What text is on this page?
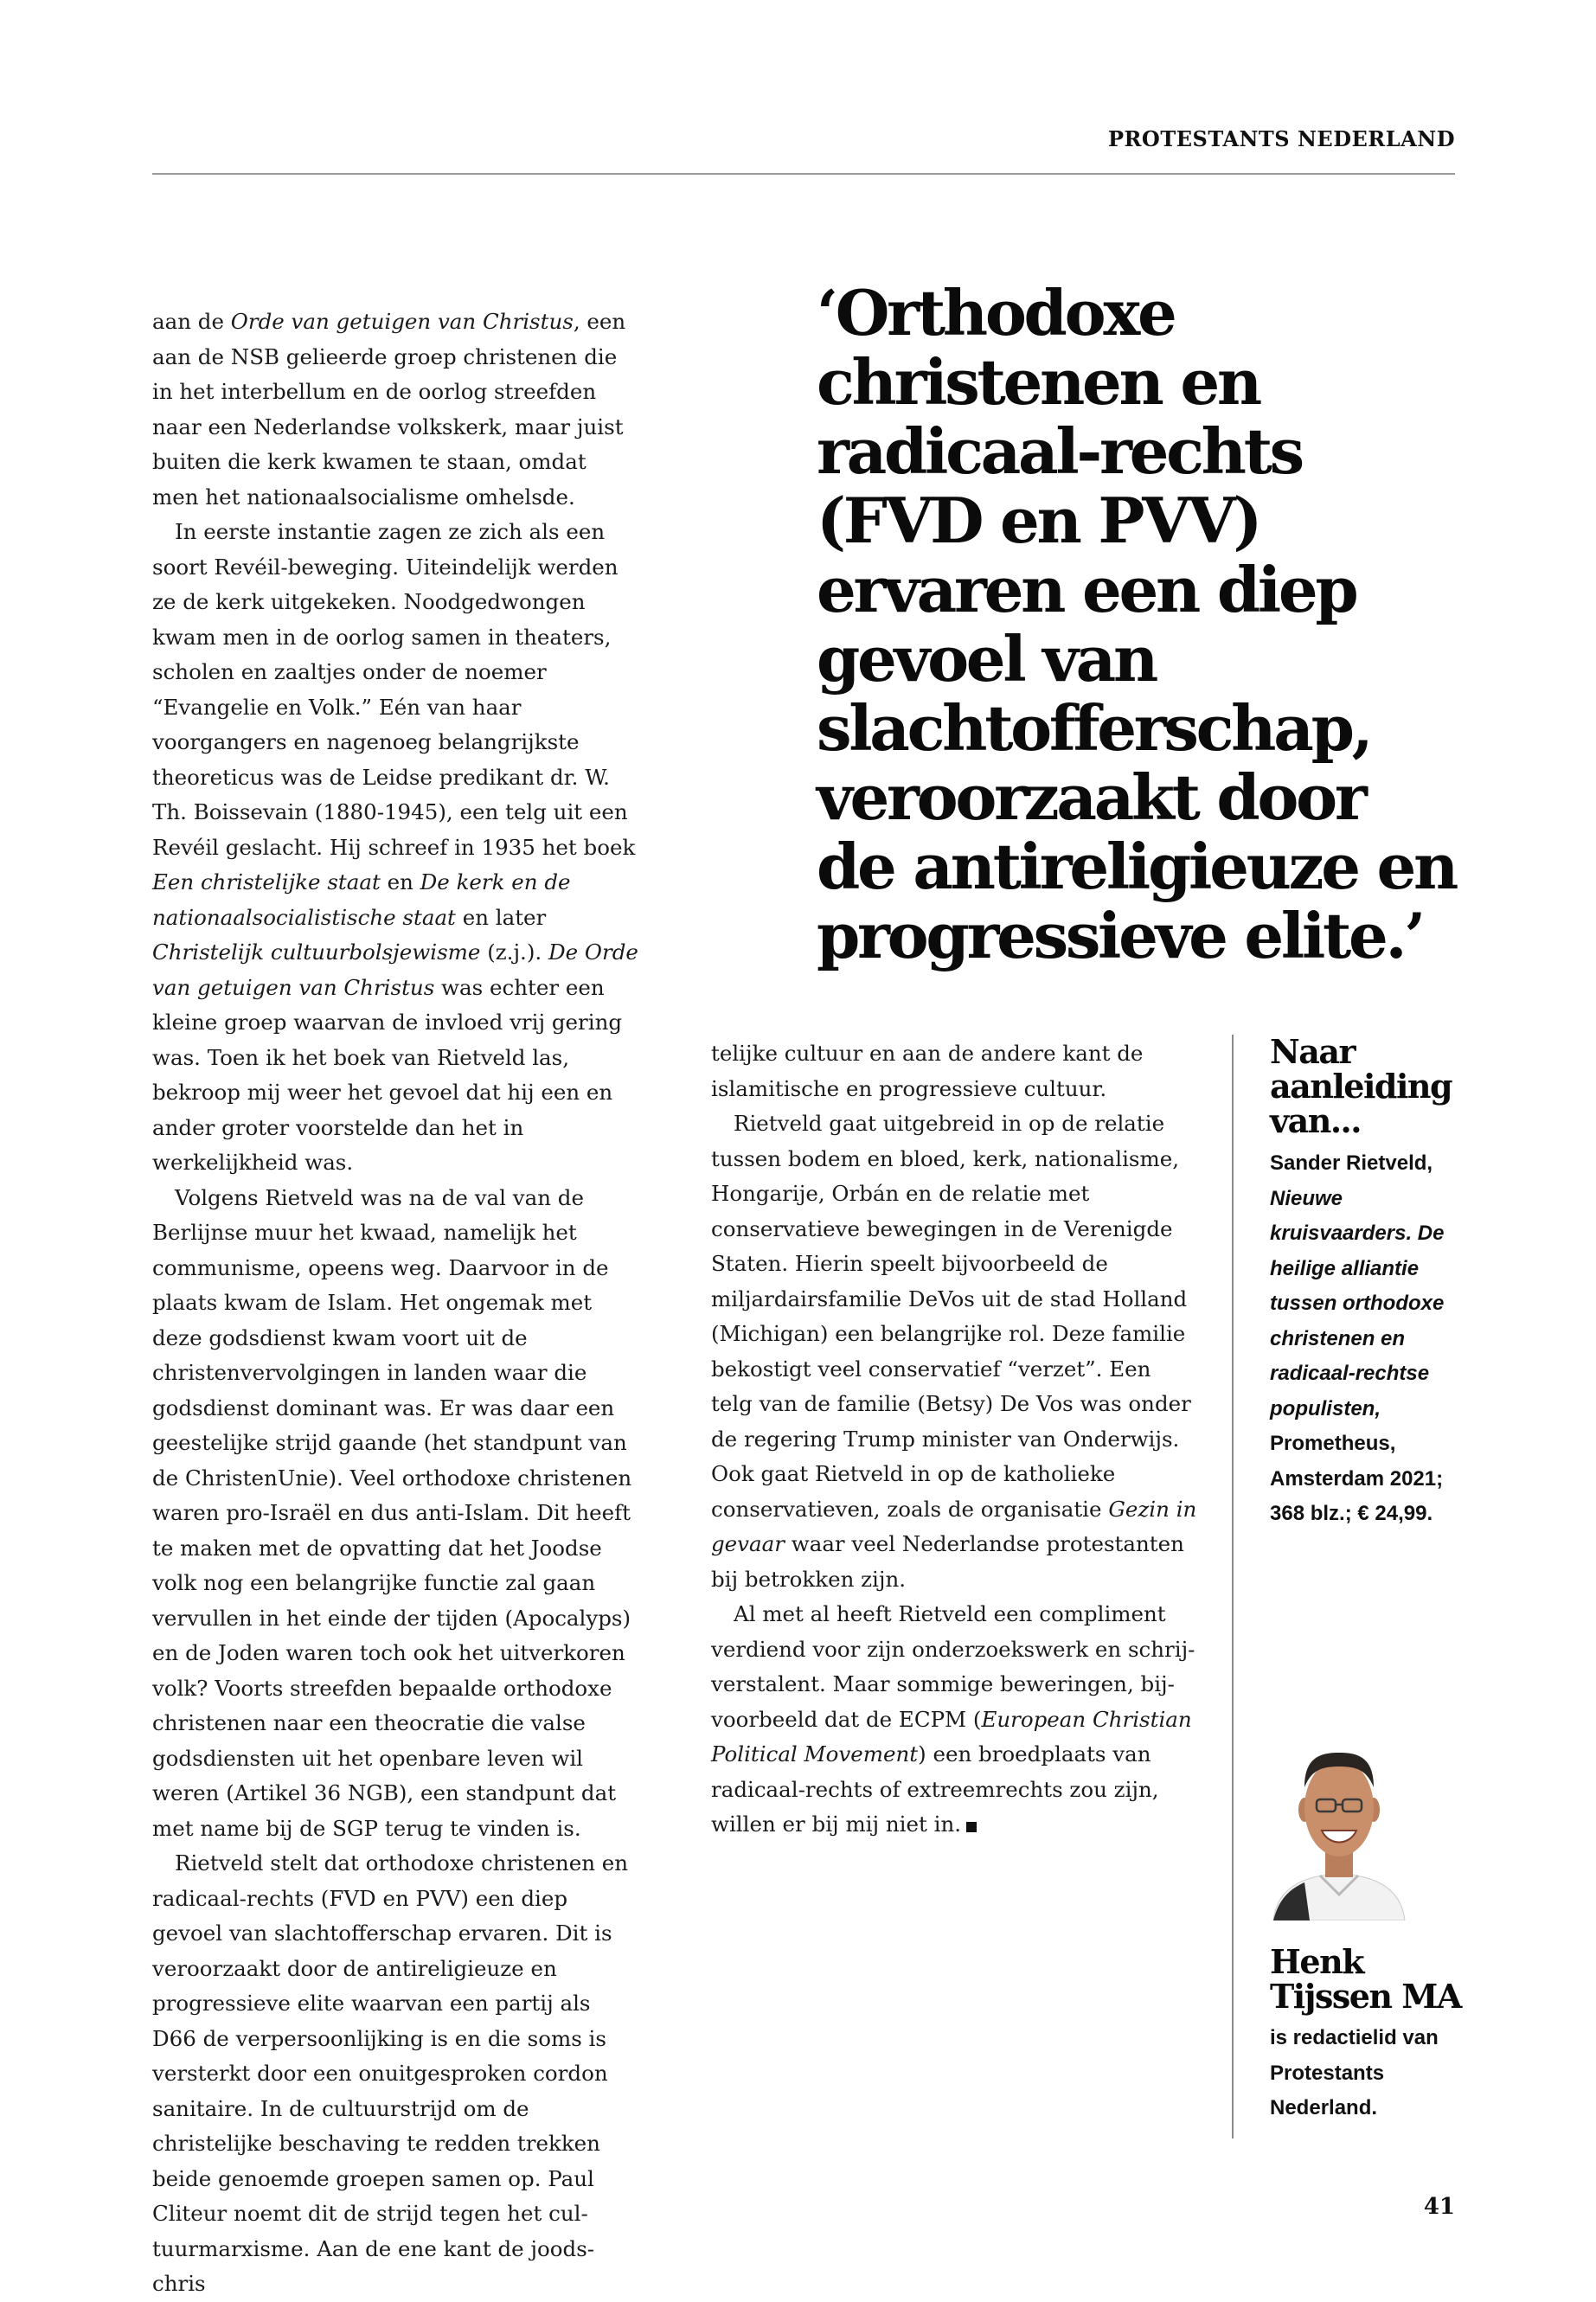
PROTESTANTS NEDERLAND

aan de Orde van getuigen van Christus, een aan de NSB gelieerde groep christenen die in het interbellum en de oorlog streefden naar een Nederlandse volkskerk, maar juist buiten die kerk kwamen te staan, omdat men het nationaalsocialisme omhelsde.

In eerste instantie zagen ze zich als een soort Revéil-beweging. Uiteindelijk werden ze de kerk uitgekeken. Noodgedwongen kwam men in de oorlog samen in theaters, scholen en zaaltjes onder de noemer “Evangelie en Volk.” Eén van haar voorgangers en nagenoeg belangrijkste theoreticus was de Leidse predikant dr. W. Th. Boissevain (1880-1945), een telg uit een Revéil geslacht. Hij schreef in 1935 het boek Een christelijke staat en De kerk en de nationaalsocialistische staat en later Christelijk cultuurbolsjewisme (z.j.). De Orde van getuigen van Christus was echter een kleine groep waarvan de invloed vrij gering was. Toen ik het boek van Rietveld las, bekroop mij weer het gevoel dat hij een en ander groter voorstelde dan het in werkelijkheid was.

Volgens Rietveld was na de val van de Berlijnse muur het kwaad, namelijk het communisme, opeens weg. Daarvoor in de plaats kwam de Islam. Het ongemak met deze godsdienst kwam voort uit de christenvervolgingen in landen waar die godsdienst dominant was. Er was daar een geestelijke strijd gaande (het standpunt van de ChristenUnie). Veel orthodoxe christenen waren pro-Israël en dus anti-Islam. Dit heeft te maken met de opvatting dat het Joodse volk nog een belangrijke functie zal gaan vervullen in het einde der tijden (Apocalyps) en de Joden waren toch ook het uitverkoren volk? Voorts streefden bepaalde orthodoxe christenen naar een theocratie die valse godsdiensten uit het openbare leven wil weren (Artikel 36 NGB), een standpunt dat met name bij de SGP terug te vinden is.

Rietveld stelt dat orthodoxe christenen en radicaal-rechts (FVD en PVV) een diep gevoel van slachtofferschap ervaren. Dit is veroorzaakt door de antireligieuze en progressieve elite waarvan een partij als D66 de verpersoonlijking is en die soms is versterkt door een onuitgesproken cordon sanitaire. In de cultuurstrijd om de christelijke beschaving te redden trekken beide genoemde groepen samen op. Paul Cliteur noemt dit de strijd tegen het cultuurmarxisme. Aan de ene kant de joods-chris

‘Orthodoxe christenen en radicaal-rechts (FVD en PVV) ervaren een diep gevoel van slachtofferschap, veroorzaakt door de antireligieuze en progressieve elite.’

telijke cultuur en aan de andere kant de islamitische en progressieve cultuur.

Rietveld gaat uitgebreid in op de relatie tussen bodem en bloed, kerk, nationalisme, Hongarije, Orbán en de relatie met conservatieve bewegingen in de Verenigde Staten. Hierin speelt bijvoorbeeld de miljardairsfamilie DeVos uit de stad Holland (Michigan) een belangrijke rol. Deze familie bekostigt veel conservatief “verzet”. Een telg van de familie (Betsy) De Vos was onder de regering Trump minister van Onderwijs. Ook gaat Rietveld in op de katholieke conservatieven, zoals de organisatie Gezin in gevaar waar veel Nederlandse protestanten bij betrokken zijn.

Al met al heeft Rietveld een compliment verdiend voor zijn onderzoekswerk en schrijverstalent. Maar sommige beweringen, bijvoorbeeld dat de ECPM (European Christian Political Movement) een broedplaats van radicaal-rechts of extreemrechts zou zijn, willen er bij mij niet in.

Naar aanleiding van...
Sander Rietveld,
Nieuwe kruisvaarders. De heilige alliantie tussen orthodoxe christenen en radicaal-rechtse populisten,
Prometheus, Amsterdam 2021; 368 blz.; € 24,99.
Henk Tijssen MA
is redactielid van Protestants Nederland.
41
